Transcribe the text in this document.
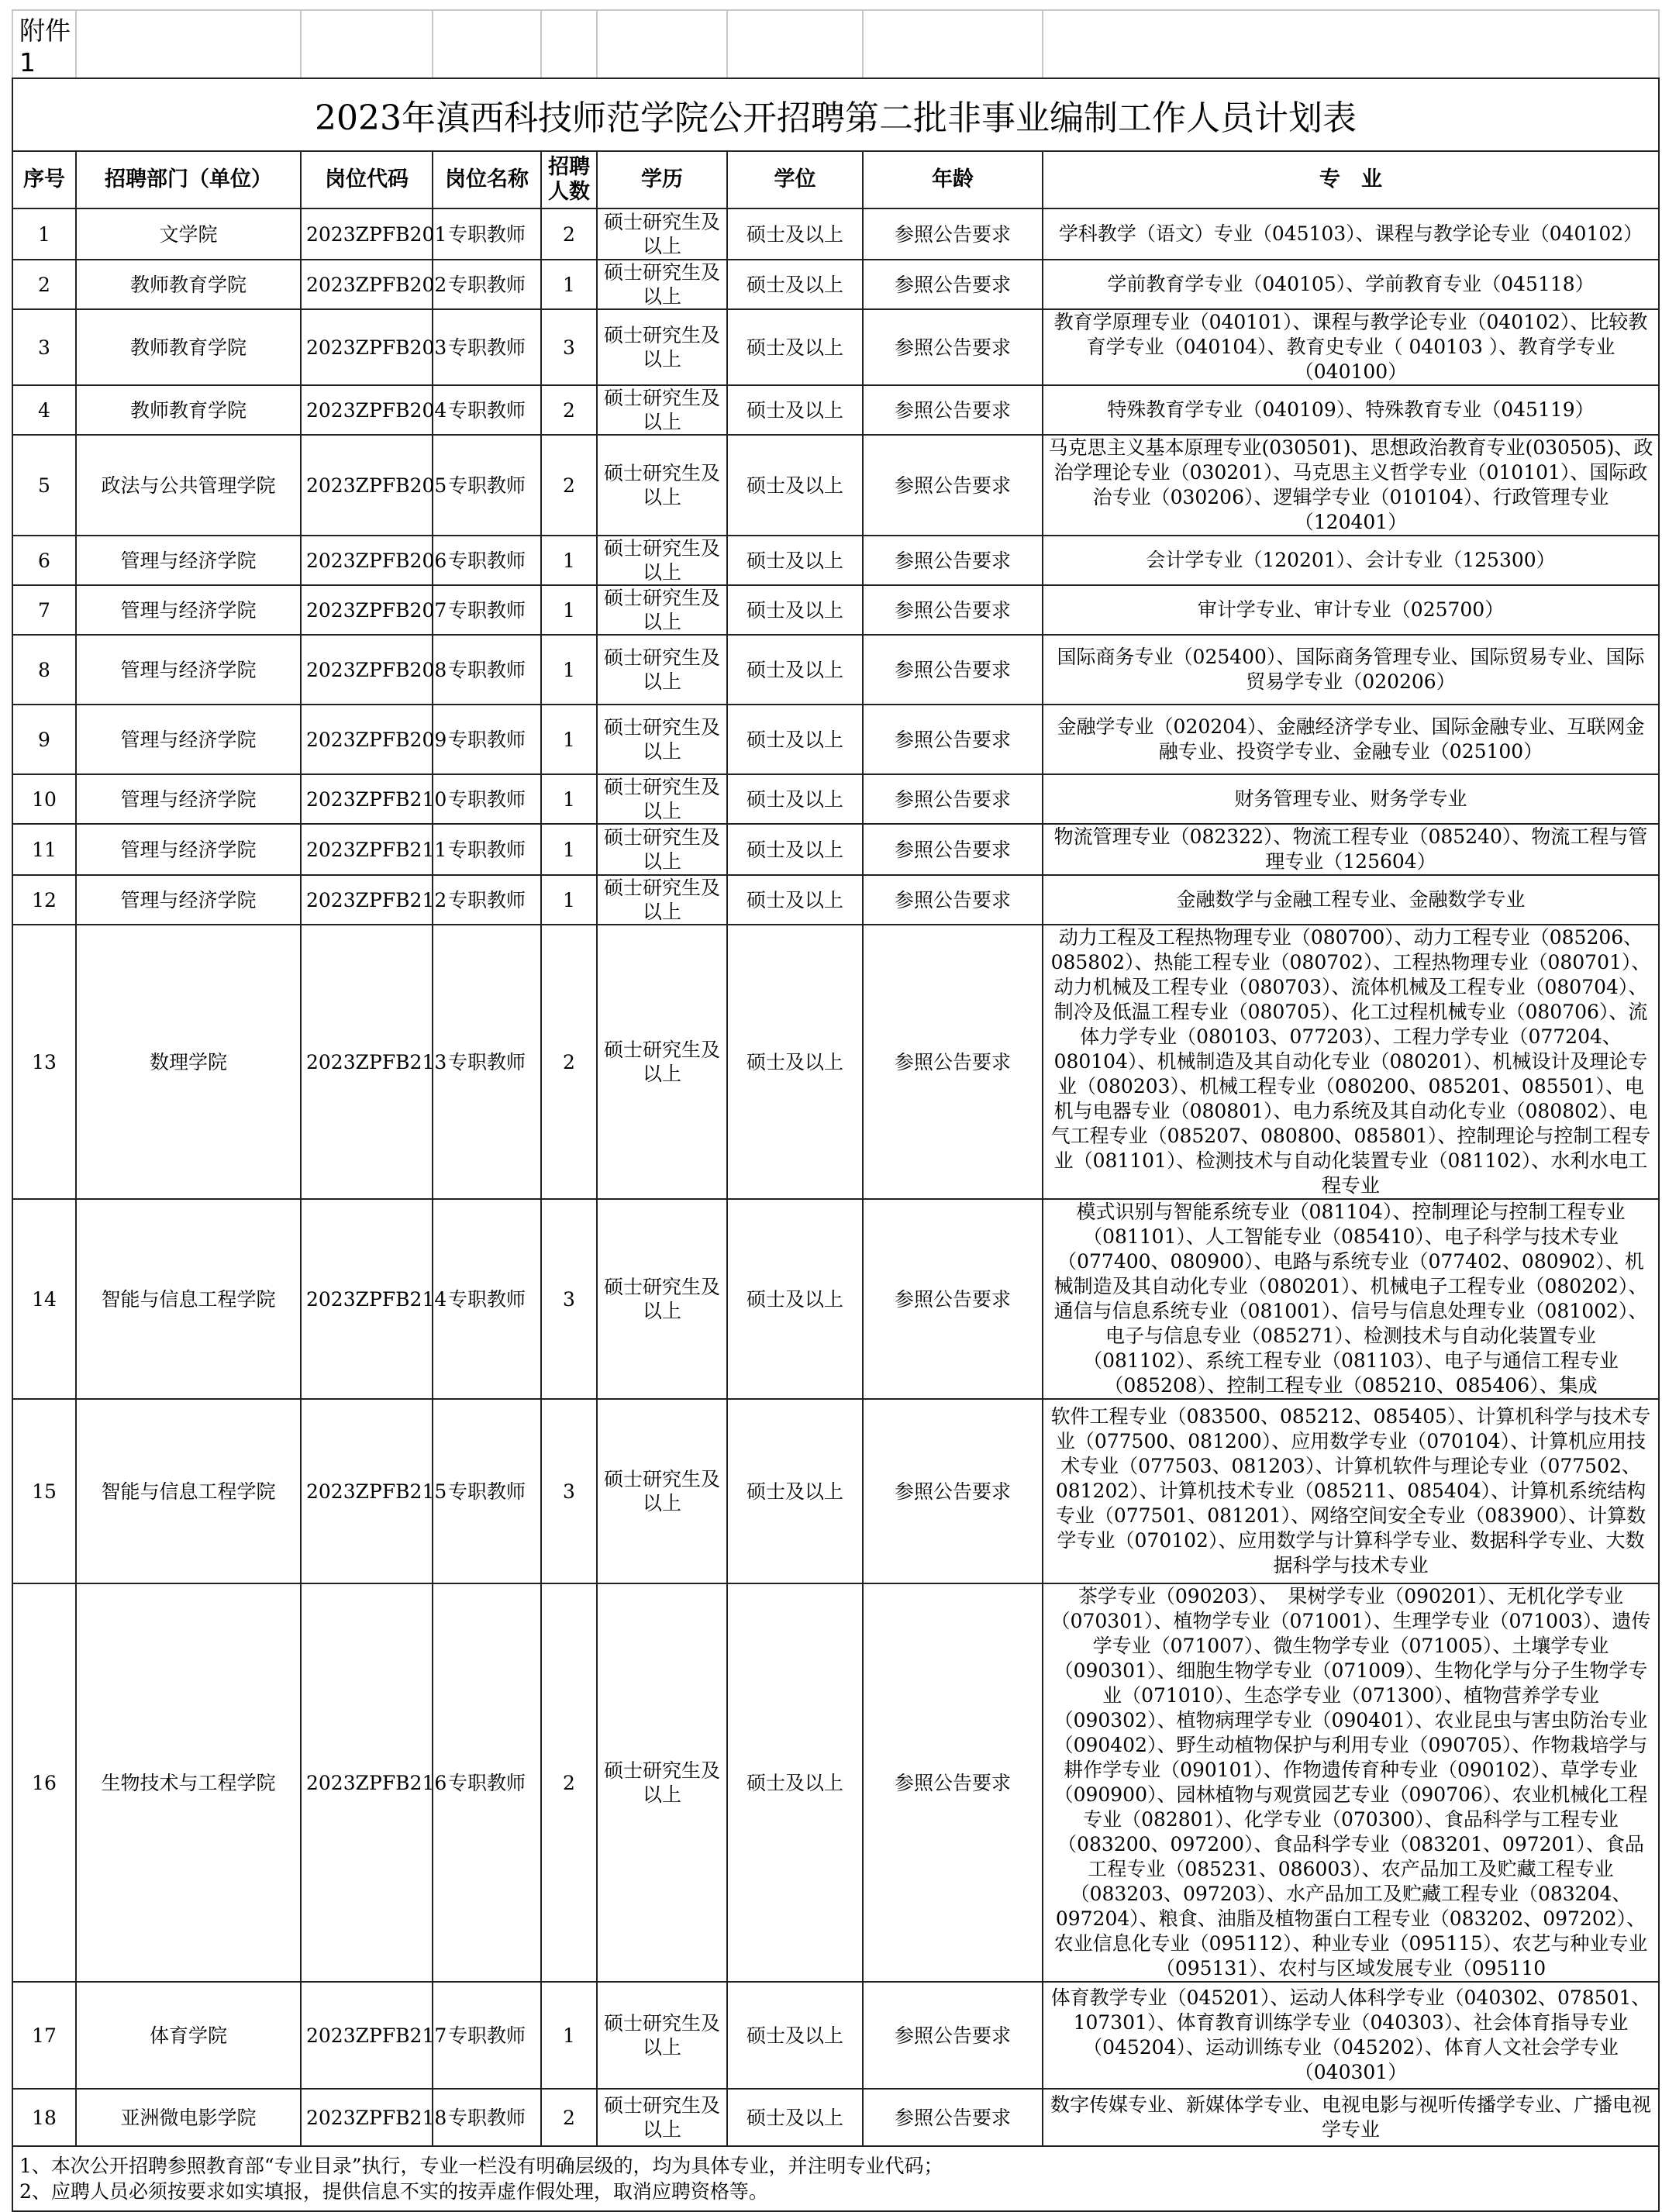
附件1								
2023年滇西科技师范学院公开招聘第二批非事业编制工作人员计划表								
序号	招聘部门（单位）	岗位代码	岗位名称	招聘人数	学历	学位	年龄	专　业
1	文学院	2023ZPFB201	专职教师	2	硕士研究生及以上	硕士及以上	参照公告要求	学科教学（语文）专业（045103）、课程与教学论专业（040102）
2	教师教育学院	2023ZPFB202	专职教师	1	硕士研究生及以上	硕士及以上	参照公告要求	学前教育学专业（040105）、学前教育专业（045118）
3	教师教育学院	2023ZPFB203	专职教师	3	硕士研究生及以上	硕士及以上	参照公告要求	教育学原理专业（040101）、课程与教学论专业（040102）、比较教育学专业（040104）、教育史专业（ 040103 ）、教育学专业（040100）
4	教师教育学院	2023ZPFB204	专职教师	2	硕士研究生及以上	硕士及以上	参照公告要求	特殊教育学专业（040109）、特殊教育专业（045119）
5	政法与公共管理学院	2023ZPFB205	专职教师	2	硕士研究生及以上	硕士及以上	参照公告要求	马克思主义基本原理专业(030501)、思想政治教育专业(030505)、政治学理论专业（030201）、马克思主义哲学专业（010101）、国际政治专业（030206）、逻辑学专业（010104）、行政管理专业（120401）
6	管理与经济学院	2023ZPFB206	专职教师	1	硕士研究生及以上	硕士及以上	参照公告要求	会计学专业（120201）、会计专业（125300）
7	管理与经济学院	2023ZPFB207	专职教师	1	硕士研究生及以上	硕士及以上	参照公告要求	审计学专业、审计专业（025700）
8	管理与经济学院	2023ZPFB208	专职教师	1	硕士研究生及以上	硕士及以上	参照公告要求	国际商务专业（025400）、国际商务管理专业、国际贸易专业、国际贸易学专业（020206）
9	管理与经济学院	2023ZPFB209	专职教师	1	硕士研究生及以上	硕士及以上	参照公告要求	金融学专业（020204）、金融经济学专业、国际金融专业、互联网金融专业、投资学专业、金融专业（025100）
10	管理与经济学院	2023ZPFB210	专职教师	1	硕士研究生及以上	硕士及以上	参照公告要求	财务管理专业、财务学专业
11	管理与经济学院	2023ZPFB211	专职教师	1	硕士研究生及以上	硕士及以上	参照公告要求	物流管理专业（082322）、物流工程专业（085240）、物流工程与管理专业（125604）
12	管理与经济学院	2023ZPFB212	专职教师	1	硕士研究生及以上	硕士及以上	参照公告要求	金融数学与金融工程专业、金融数学专业
13	数理学院	2023ZPFB213	专职教师	2	硕士研究生及以上	硕士及以上	参照公告要求	动力工程及工程热物理专业（080700）、动力工程专业（085206、085802）、热能工程专业（080702）、工程热物理专业（080701）、动力机械及工程专业（080703）、流体机械及工程专业（080704）、制冷及低温工程专业（080705）、化工过程机械专业（080706）、流体力学专业（080103、077203）、工程力学专业（077204、080104）、机械制造及其自动化专业（080201）、机械设计及理论专业（080203）、机械工程专业（080200、085201、085501）、电机与电器专业（080801）、电力系统及其自动化专业（080802）、电气工程专业（085207、080800、085801）、控制理论与控制工程专业（081101）、检测技术与自动化装置专业（081102）、水利水电工程专业
14	智能与信息工程学院	2023ZPFB214	专职教师	3	硕士研究生及以上	硕士及以上	参照公告要求	模式识别与智能系统专业（081104）、控制理论与控制工程专业（081101）、人工智能专业（085410）、电子科学与技术专业（077400、080900）、电路与系统专业（077402、080902）、机械制造及其自动化专业（080201）、机械电子工程专业（080202）、通信与信息系统专业（081001）、信号与信息处理专业（081002）、电子与信息专业（085271）、检测技术与自动化装置专业（081102）、系统工程专业（081103）、电子与通信工程专业（085208）、控制工程专业（085210、085406）、集成
15	智能与信息工程学院	2023ZPFB215	专职教师	3	硕士研究生及以上	硕士及以上	参照公告要求	软件工程专业（083500、085212、085405）、计算机科学与技术专业（077500、081200）、应用数学专业（070104）、计算机应用技术专业（077503、081203）、计算机软件与理论专业（077502、081202）、计算机技术专业（085211、085404）、计算机系统结构专业（077501、081201）、网络空间安全专业（083900）、计算数学专业（070102）、应用数学与计算科学专业、数据科学专业、大数据科学与技术专业
16	生物技术与工程学院	2023ZPFB216	专职教师	2	硕士研究生及以上	硕士及以上	参照公告要求	茶学专业（090203）、　果树学专业（090201）、无机化学专业（070301）、植物学专业（071001）、生理学专业（071003）、遗传学专业（071007）、微生物学专业（071005）、土壤学专业（090301）、细胞生物学专业（071009）、生物化学与分子生物学专业（071010）、生态学专业（071300）、植物营养学专业（090302）、植物病理学专业（090401）、农业昆虫与害虫防治专业（090402）、野生动植物保护与利用专业（090705）、作物栽培学与耕作学专业（090101）、作物遗传育种专业（090102）、草学专业（090900）、园林植物与观赏园艺专业（090706）、农业机械化工程专业（082801）、化学专业（070300）、食品科学与工程专业（083200、097200）、食品科学专业（083201、097201）、食品工程专业（085231、086003）、农产品加工及贮藏工程专业（083203、097203）、水产品加工及贮藏工程专业（083204、097204）、粮食、油脂及植物蛋白工程专业（083202、097202）、农业信息化专业（095112）、种业专业（095115）、农艺与种业专业（095131）、农村与区域发展专业（095110
17	体育学院	2023ZPFB217	专职教师	1	硕士研究生及以上	硕士及以上	参照公告要求	体育教学专业（045201）、运动人体科学专业（040302、078501、107301）、体育教育训练学专业（040303）、社会体育指导专业（045204）、运动训练专业（045202）、体育人文社会学专业（040301）
18	亚洲微电影学院	2023ZPFB218	专职教师	2	硕士研究生及以上	硕士及以上	参照公告要求	数字传媒专业、新媒体学专业、电视电影与视听传播学专业、广播电视学专业

1、本次公开招聘参照教育部“专业目录”执行，专业一栏没有明确层级的，均为具体专业，并注明专业代码；
2、应聘人员必须按要求如实填报，提供信息不实的按弄虚作假处理，取消应聘资格等。								
